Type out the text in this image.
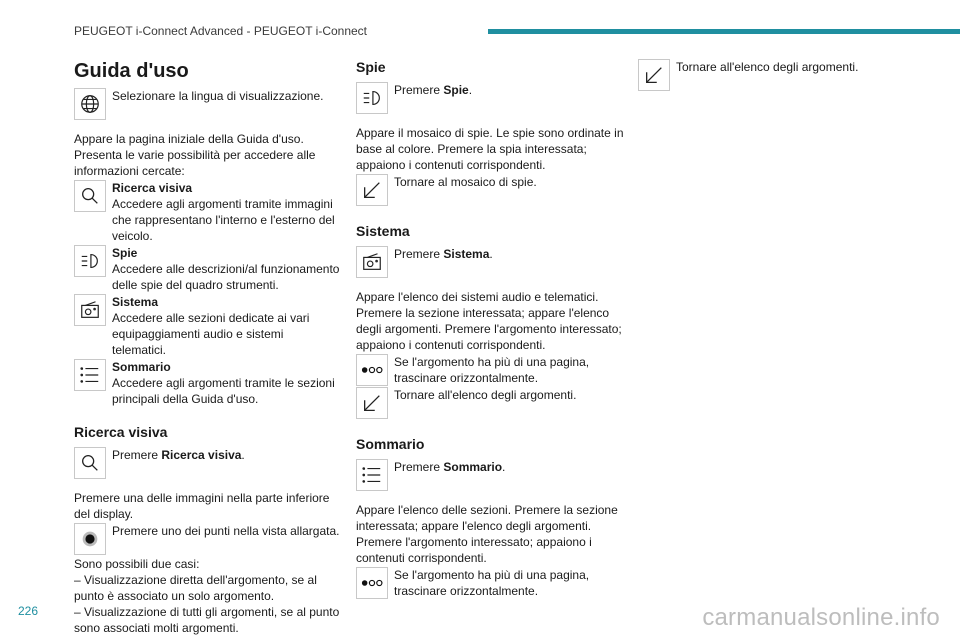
PEUGEOT i-Connect Advanced - PEUGEOT i-Connect
Guida d'uso
Selezionare la lingua di visualizzazione.

Appare la pagina iniziale della Guida d'uso. Presenta le varie possibilità per accedere alle informazioni cercate:

Ricerca visiva
Accedere agli argomenti tramite immagini che rappresentano l'interno e l'esterno del veicolo.
Spie
Accedere alle descrizioni/al funzionamento delle spie del quadro strumenti.
Sistema
Accedere alle sezioni dedicate ai vari equipaggiamenti audio e sistemi telematici.
Sommario
Accedere agli argomenti tramite le sezioni principali della Guida d'uso.
Ricerca visiva
Premere Ricerca visiva.

Premere una delle immagini nella parte inferiore del display.

Premere uno dei punti nella vista allargata.

Sono possibili due casi:

– Visualizzazione diretta dell'argomento, se al punto è associato un solo argomento.

– Visualizzazione di tutti gli argomenti, se al punto sono associati molti argomenti.

Spie
Premere Spie.

Appare il mosaico di spie. Le spie sono ordinate in base al colore. Premere la spia interessata; appaiono i contenuti corrispondenti.

Tornare al mosaico di spie.
Sistema
Premere Sistema.

Appare l'elenco dei sistemi audio e telematici. Premere la sezione interessata; appare l'elenco degli argomenti. Premere l'argomento interessato; appaiono i contenuti corrispondenti.

Se l'argomento ha più di una pagina, trascinare orizzontalmente.
Tornare all'elenco degli argomenti.
Sommario
Premere Sommario.

Appare l'elenco delle sezioni. Premere la sezione interessata; appare l'elenco degli argomenti. Premere l'argomento interessato; appaiono i contenuti corrispondenti.

Se l'argomento ha più di una pagina, trascinare orizzontalmente.
Tornare all'elenco degli argomenti.
226	carmanualsonline.info
